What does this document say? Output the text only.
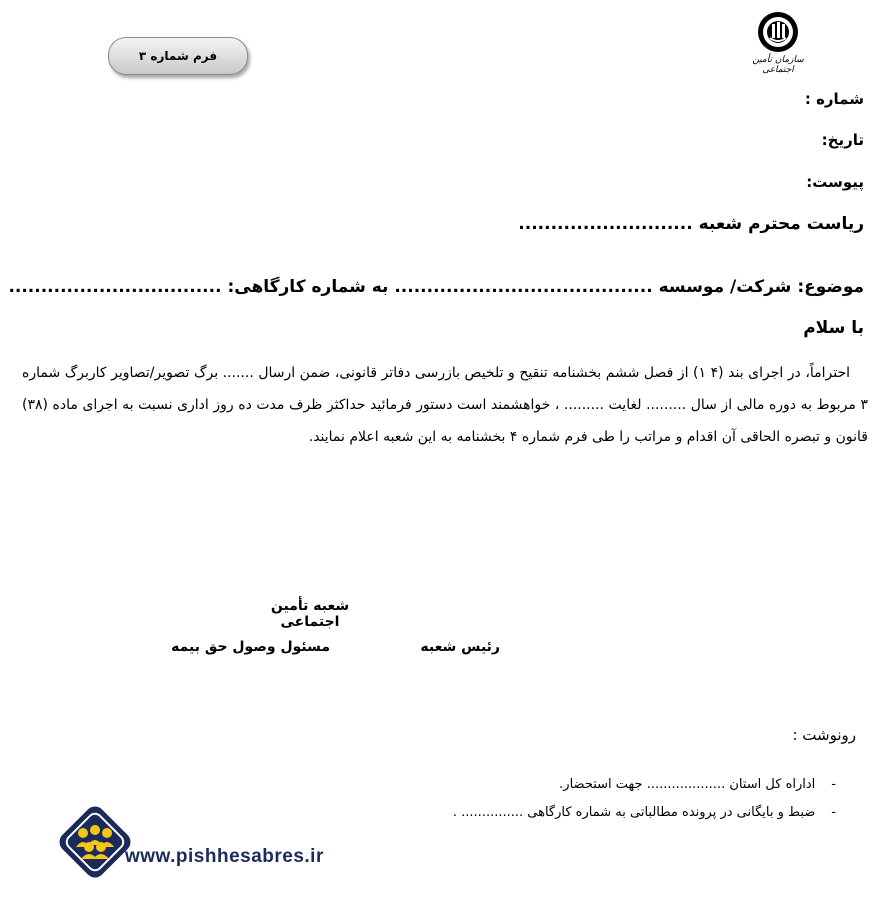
فرم شماره ۳	سازمان تأمین اجتماعی
شماره :
تاریخ:
پیوست:
ریاست محترم شعبه ...........................
موضوع: شرکت/ موسسه ........................................ به شماره کارگاهی: .................................
با سلام

احتراماً، در اجرای بند (۴ ۱) از فصل ششم بخشنامه تنقیح و تلخیص بازرسی دفاتر قانونی، ضمن ارسال ....... برگ تصویر/تصاویر کاربرگ شماره ۳ مربوط به دوره مالی از سال ......... لغایت ......... ، خواهشمند است دستور فرمائید حداکثر ظرف مدت ده روز اداری نسبت به اجرای ماده (۳۸) قانون و تبصره الحاقی آن اقدام و مراتب را طی فرم شماره ۴ بخشنامه به این شعبه اعلام نمایند.

شعبه تأمین اجتماعی
رئیس شعبه
مسئول وصول حق بیمه
رونوشت :
- اداراه کل استان ................... جهت استحضار.
- ضبط و بایگانی در پرونده مطالباتی به شماره کارگاهی ............... .
www.pishhesabres.ir
